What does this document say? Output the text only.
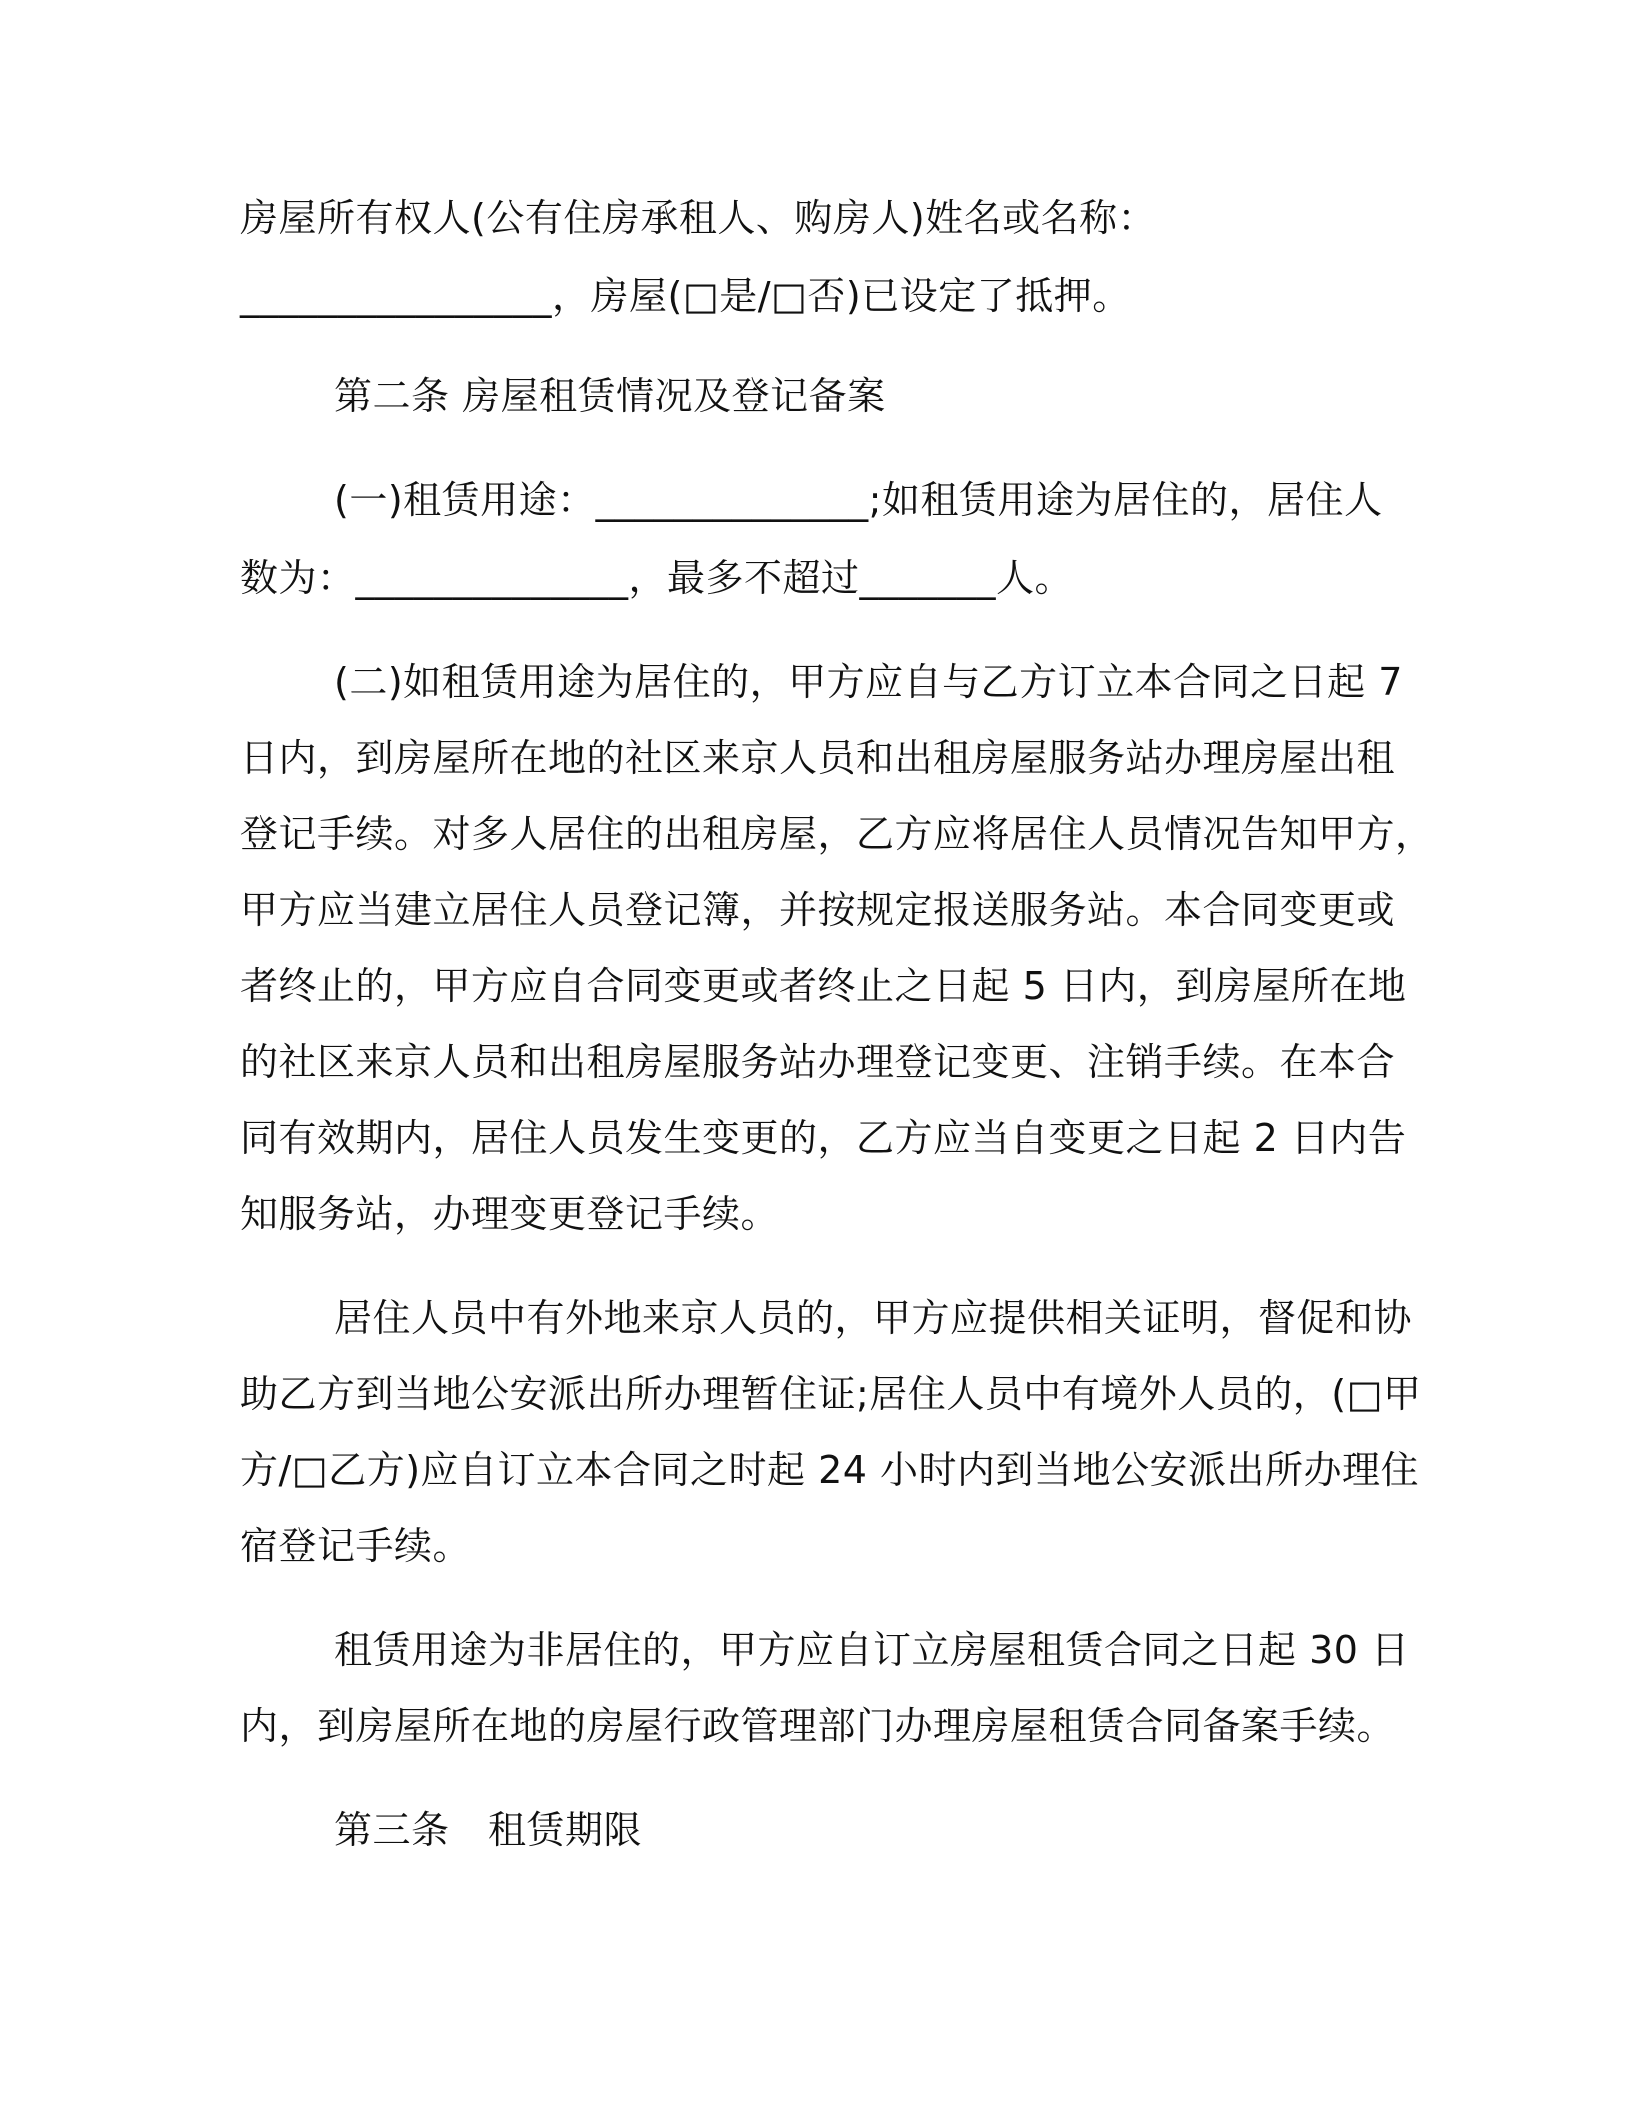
房屋所有权人(公有住房承租人、购房人)姓名或名称：

________________，房屋(□是/□否)已设定了抵押。

第二条 房屋租赁情况及登记备案

(一)租赁用途：______________;如租赁用途为居住的，居住人

数为：______________，最多不超过_______人。

(二)如租赁用途为居住的，甲方应自与乙方订立本合同之日起 7

日内，到房屋所在地的社区来京人员和出租房屋服务站办理房屋出租

登记手续。对多人居住的出租房屋，乙方应将居住人员情况告知甲方，

甲方应当建立居住人员登记簿，并按规定报送服务站。本合同变更或

者终止的，甲方应自合同变更或者终止之日起 5 日内，到房屋所在地

的社区来京人员和出租房屋服务站办理登记变更、注销手续。在本合

同有效期内，居住人员发生变更的，乙方应当自变更之日起 2 日内告

知服务站，办理变更登记手续。

居住人员中有外地来京人员的，甲方应提供相关证明，督促和协

助乙方到当地公安派出所办理暂住证;居住人员中有境外人员的，(□甲

方/□乙方)应自订立本合同之时起 24 小时内到当地公安派出所办理住

宿登记手续。

租赁用途为非居住的，甲方应自订立房屋租赁合同之日起 30 日

内，到房屋所在地的房屋行政管理部门办理房屋租赁合同备案手续。

第三条　租赁期限
